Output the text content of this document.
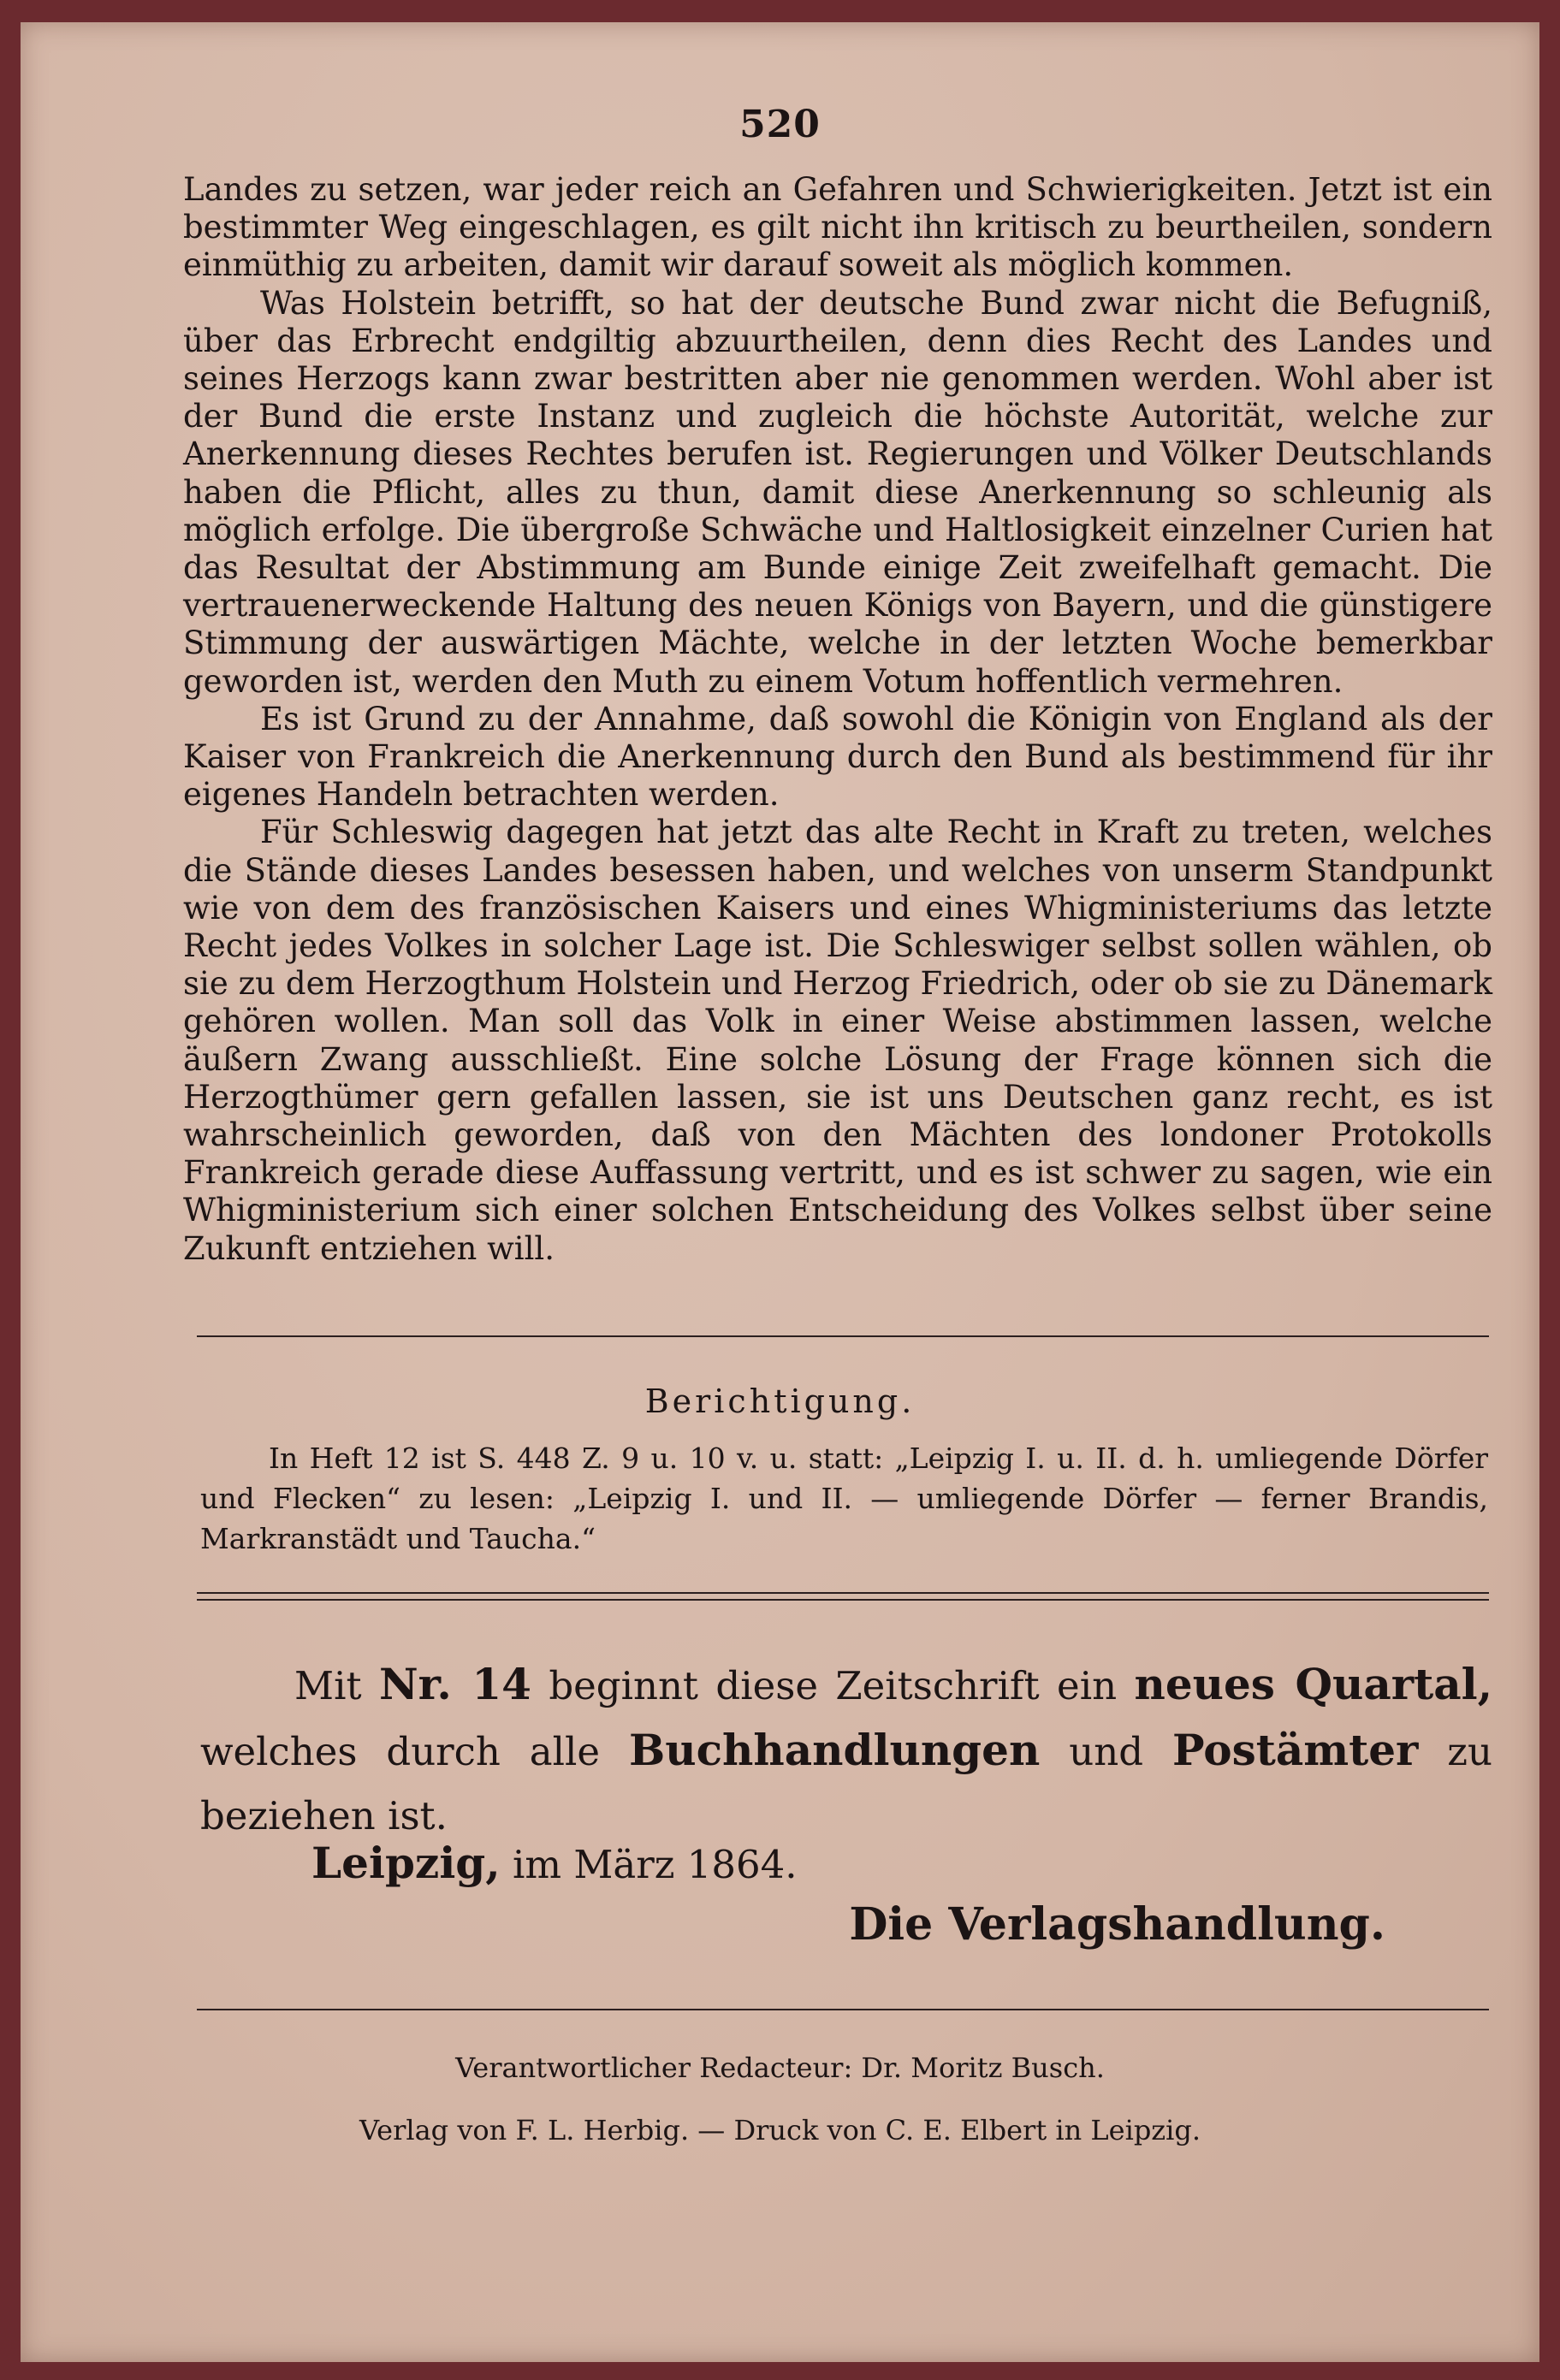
520

Landes zu setzen, war jeder reich an Gefahren und Schwierigkeiten. Jetzt ist ein bestimmter Weg eingeschlagen, es gilt nicht ihn kritisch zu beurtheilen, sondern einmüthig zu arbeiten, damit wir darauf soweit als möglich kommen.

Was Holstein betrifft, so hat der deutsche Bund zwar nicht die Befugniß, über das Erbrecht endgiltig abzuurtheilen, denn dies Recht des Landes und seines Herzogs kann zwar bestritten aber nie genommen werden. Wohl aber ist der Bund die erste Instanz und zugleich die höchste Autorität, welche zur Anerkennung dieses Rechtes berufen ist. Regierungen und Völker Deutschlands haben die Pflicht, alles zu thun, damit diese Anerkennung so schleunig als möglich erfolge. Die übergroße Schwäche und Haltlosigkeit einzelner Curien hat das Resultat der Abstimmung am Bunde einige Zeit zweifelhaft gemacht. Die vertrauenerweckende Haltung des neuen Königs von Bayern, und die günstigere Stimmung der auswärtigen Mächte, welche in der letzten Woche bemerkbar geworden ist, werden den Muth zu einem Votum hoffentlich vermehren.

Es ist Grund zu der Annahme, daß sowohl die Königin von England als der Kaiser von Frankreich die Anerkennung durch den Bund als bestimmend für ihr eigenes Handeln betrachten werden.

Für Schleswig dagegen hat jetzt das alte Recht in Kraft zu treten, welches die Stände dieses Landes besessen haben, und welches von unserm Standpunkt wie von dem des französischen Kaisers und eines Whigministeriums das letzte Recht jedes Volkes in solcher Lage ist. Die Schleswiger selbst sollen wählen, ob sie zu dem Herzogthum Holstein und Herzog Friedrich, oder ob sie zu Dänemark gehören wollen. Man soll das Volk in einer Weise abstimmen lassen, welche äußern Zwang ausschließt. Eine solche Lösung der Frage können sich die Herzogthümer gern gefallen lassen, sie ist uns Deutschen ganz recht, es ist wahrscheinlich geworden, daß von den Mächten des londoner Protokolls Frankreich gerade diese Auffassung vertritt, und es ist schwer zu sagen, wie ein Whigministerium sich einer solchen Entscheidung des Volkes selbst über seine Zukunft entziehen will.

Berichtigung.
In Heft 12 ist S. 448 Z. 9 u. 10 v. u. statt: „Leipzig I. u. II. d. h. umliegende Dörfer und Flecken“ zu lesen: „Leipzig I. und II. — umliegende Dörfer — ferner Brandis, Markranstädt und Taucha.“
Mit Nr. 14 beginnt diese Zeitschrift ein neues Quartal, welches durch alle Buchhandlungen und Postämter zu beziehen ist.
Leipzig, im März 1864.
Die Verlagshandlung.
Verantwortlicher Redacteur: Dr. Moritz Busch.
Verlag von F. L. Herbig. — Druck von C. E. Elbert in Leipzig.
